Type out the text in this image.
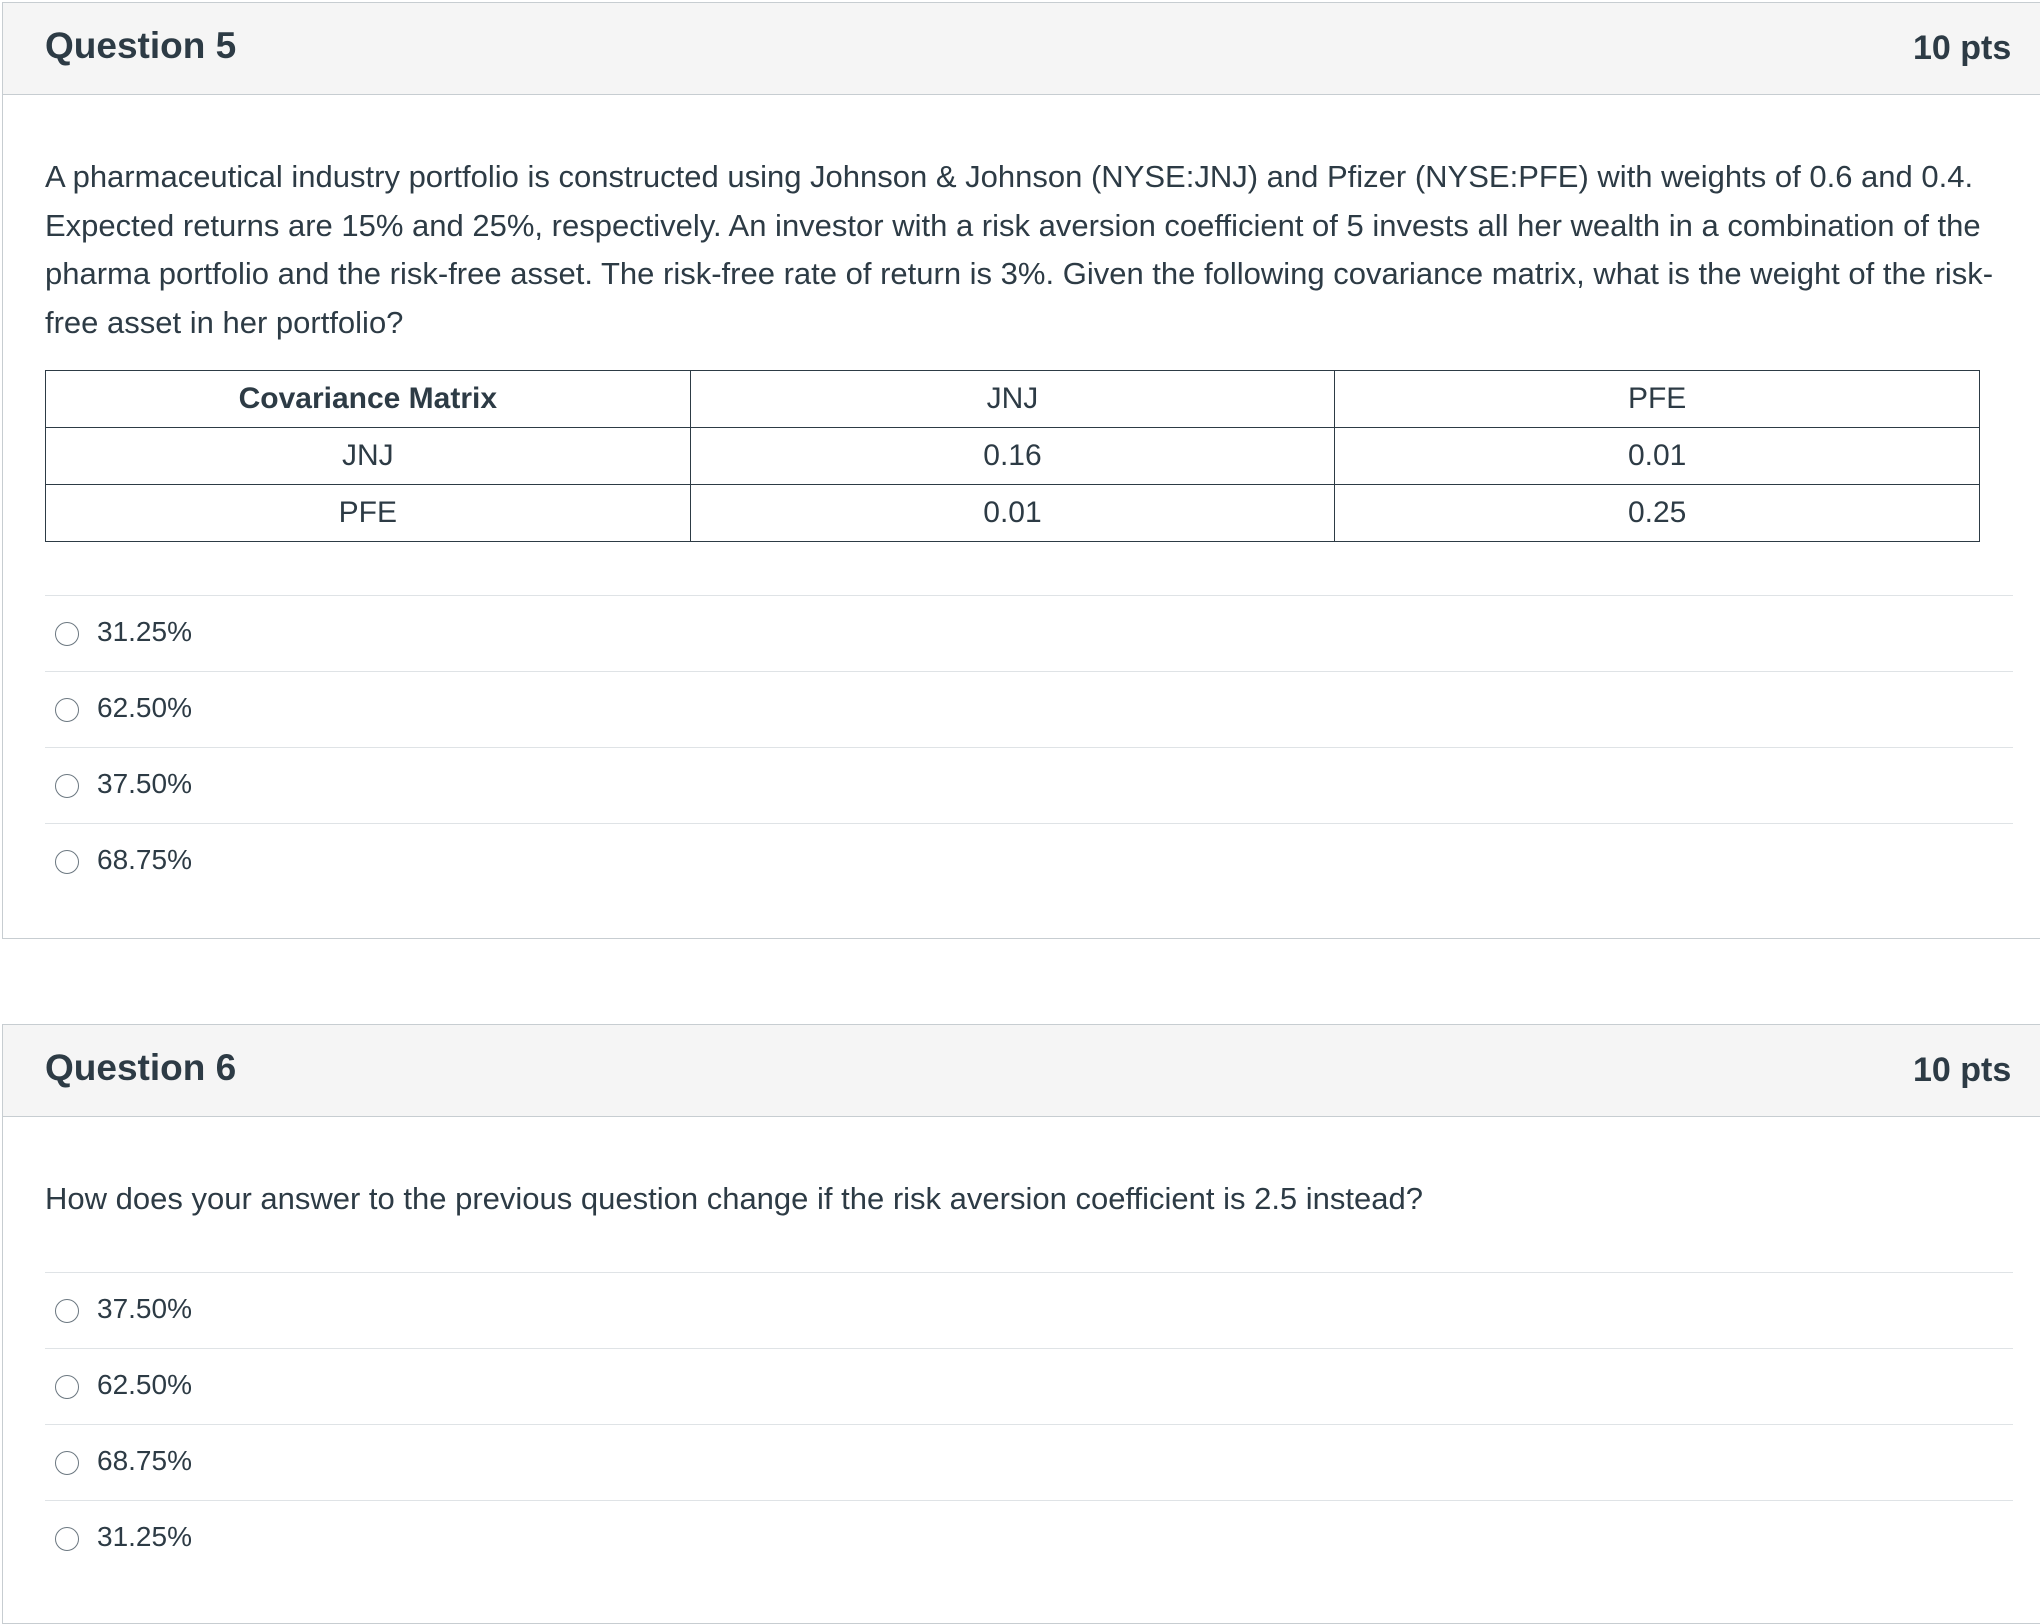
Question 5	10 pts

A pharmaceutical industry portfolio is constructed using Johnson & Johnson (NYSE:JNJ) and Pfizer (NYSE:PFE) with weights of 0.6 and 0.4. Expected returns are 15% and 25%, respectively. An investor with a risk aversion coefficient of 5 invests all her wealth in a combination of the pharma portfolio and the risk-free asset. The risk-free rate of return is 3%. Given the following covariance matrix, what is the weight of the risk-free asset in her portfolio?

Covariance Matrix	JNJ	PFE
JNJ	0.16	0.01
PFE	0.01	0.25
31.25%
62.50%
37.50%
68.75%
Question 6	10 pts

How does your answer to the previous question change if the risk aversion coefficient is 2.5 instead?

37.50%
62.50%
68.75%
31.25%
